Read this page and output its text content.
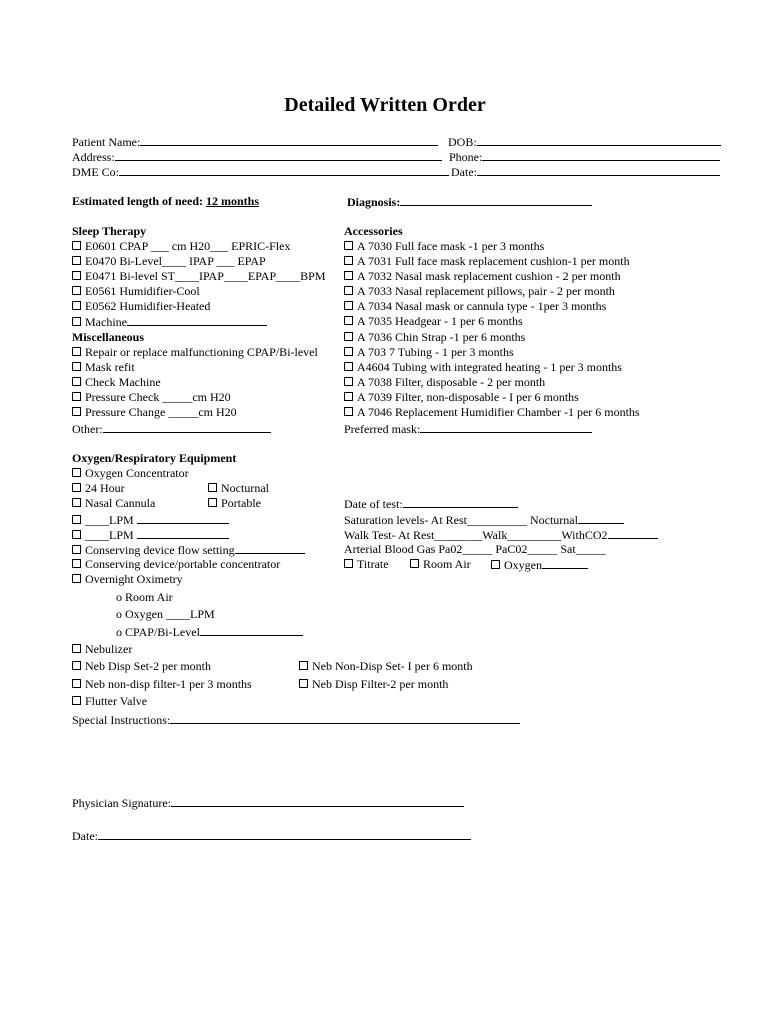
Detailed Written Order
Patient Name:
Address:
DME Co:
DOB:
Phone:
Date:
Estimated length of need: 12 months	Diagnosis:
Sleep Therapy
E0601 CPAP ___ cm H20___ EPRIC-Flex
E0470 Bi-Level____ IPAP ___ EPAP
E0471 Bi-level ST____IPAP____EPAP____BPM
E0561 Humidifier-Cool
E0562 Humidifier-Heated
Machine
Miscellaneous
Repair or replace malfunctioning CPAP/Bi-level
Mask refit
Check Machine
Pressure Check _____cm H20
Pressure Change _____cm H20
Other:
Accessories
A 7030 Full face mask -1 per 3 months
A 7031 Full face mask replacement cushion-1 per month
A 7032 Nasal mask replacement cushion - 2 per month
A 7033 Nasal replacement pillows, pair - 2 per month
A 7034 Nasal mask or cannula type - 1per 3 months
A 7035 Headgear - 1 per 6 months
A 7036 Chin Strap -1 per 6 months
A 703 7 Tubing - 1 per 3 months
A4604 Tubing with integrated heating - 1 per 3 months
A 7038 Filter, disposable - 2 per month
A 7039 Filter, non-disposable - I per 6 months
A 7046 Replacement Humidifier Chamber -1 per 6 months
Preferred mask:
Oxygen/Respiratory Equipment
Oxygen Concentrator
24 Hour	Nocturnal
Nasal Cannula	Portable
____LPM
____LPM
Conserving device flow setting
Conserving device/portable concentrator
Overnight Oximetry
o Room Air
o Oxygen ____LPM
o CPAP/Bi-Level
Nebulizer
Neb Disp Set-2 per month	Neb Non-Disp Set- I per 6 month
Neb non-disp filter-1 per 3 months	Neb Disp Filter-2 per month
Flutter Valve
Special Instructions:
Date of test:
Saturation levels- At Rest__________ Nocturnal
Walk Test- At Rest________Walk_________WithCO2
Arterial Blood Gas Pa02_____ PaC02_____ Sat_____
Titrate	Room Air	Oxygen
Physician Signature:
Date:
